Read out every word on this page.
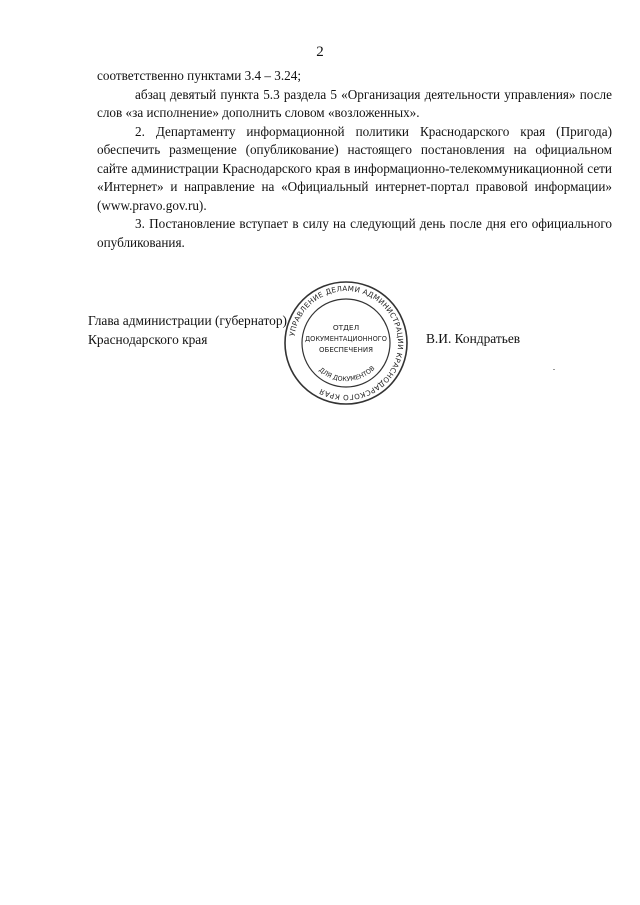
2

соответственно пунктами 3.4 – 3.24;

абзац девятый пункта 5.3 раздела 5 «Организация деятельности управления» после слов «за исполнение» дополнить словом «возложенных».

2. Департаменту информационной политики Краснодарского края (Пригода) обеспечить размещение (опубликование) настоящего постановления на официальном сайте администрации Краснодарского края в информационно-телекоммуникационной сети «Интернет» и направление на «Официальный интернет-портал правовой информации» (www.pravo.gov.ru).

3. Постановление вступает в силу на следующий день после дня его официального опубликования.

Глава администрации (губернатор)
Краснодарского края	В.И. Кондратьев
УПРАВЛЕНИЕ ДЕЛАМИ АДМИНИСТРАЦИИ КРАСНОДАРСКОГО КРАЯ
ДЛЯ ДОКУМЕНТОВ
ОТДЕЛ
ДОКУМЕНТАЦИОННОГО
ОБЕСПЕЧЕНИЯ
